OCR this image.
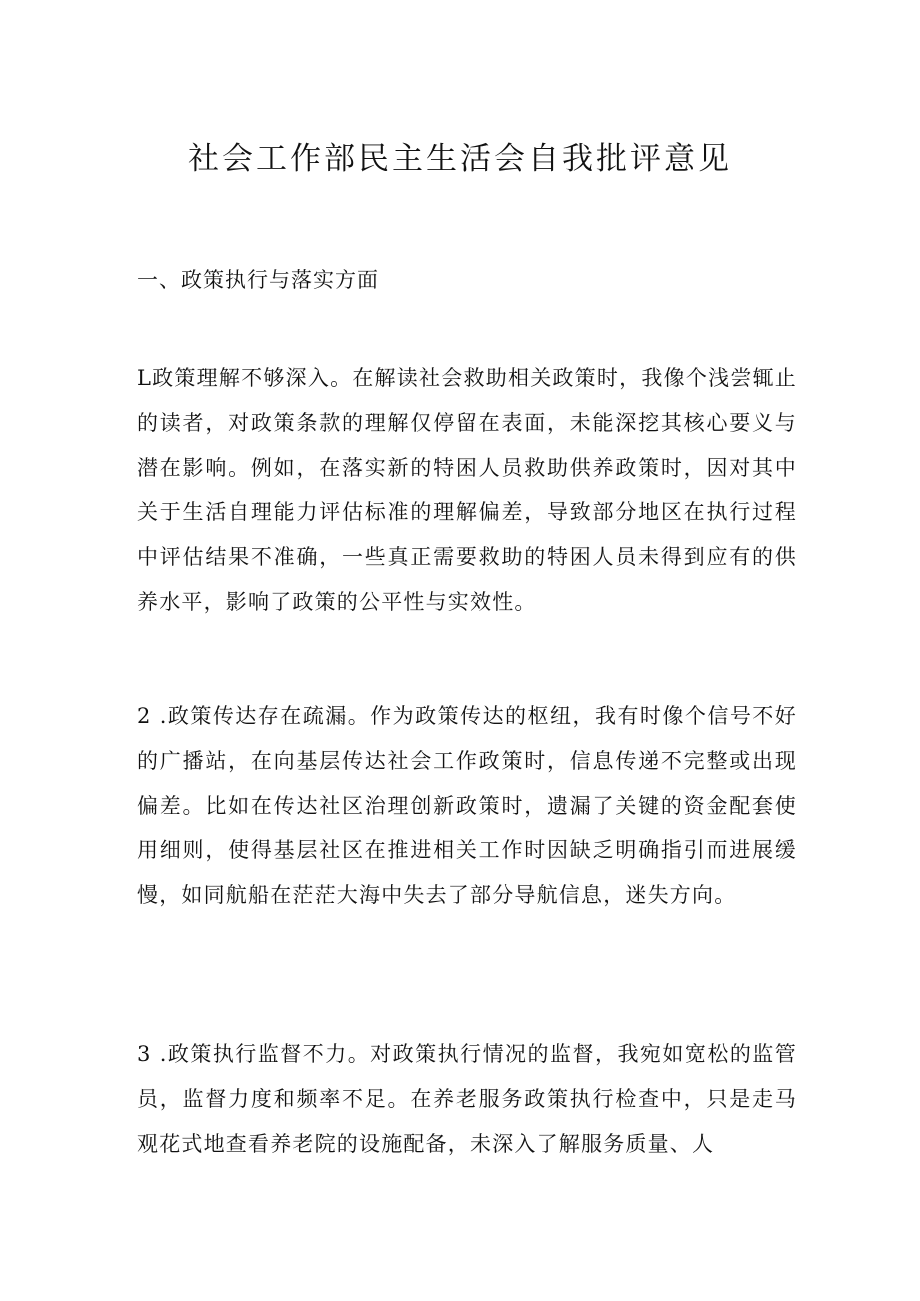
社会工作部民主生活会自我批评意见
一、政策执行与落实方面
L政策理解不够深入。在解读社会救助相关政策时，我像个浅尝辄止的读者，对政策条款的理解仅停留在表面，未能深挖其核心要义与潜在影响。例如，在落实新的特困人员救助供养政策时，因对其中关于生活自理能力评估标准的理解偏差，导致部分地区在执行过程中评估结果不准确，一些真正需要救助的特困人员未得到应有的供养水平，影响了政策的公平性与实效性。
2 .政策传达存在疏漏。作为政策传达的枢纽，我有时像个信号不好的广播站，在向基层传达社会工作政策时，信息传递不完整或出现偏差。比如在传达社区治理创新政策时，遗漏了关键的资金配套使用细则，使得基层社区在推进相关工作时因缺乏明确指引而进展缓慢，如同航船在茫茫大海中失去了部分导航信息，迷失方向。
3 .政策执行监督不力。对政策执行情况的监督，我宛如宽松的监管员，监督力度和频率不足。在养老服务政策执行检查中，只是走马观花式地查看养老院的设施配备，未深入了解服务质量、人
